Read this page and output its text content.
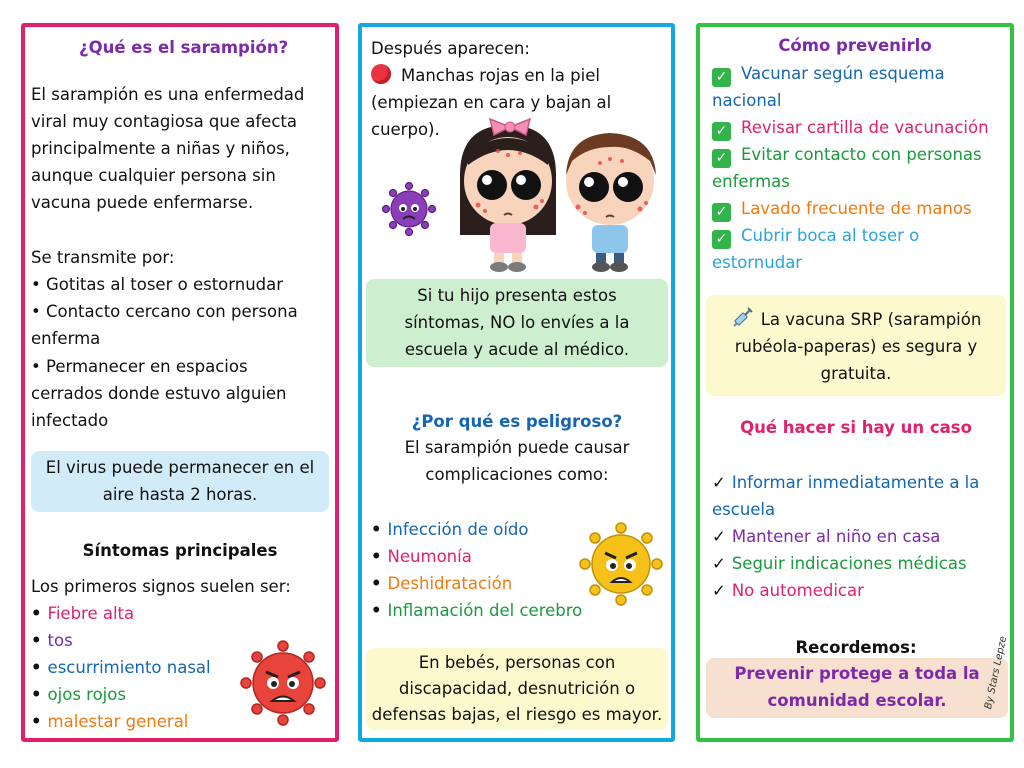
¿Qué es el sarampión?
El sarampión es una enfermedad
viral muy contagiosa que afecta
principalmente a niñas y niños,
aunque cualquier persona sin
vacuna puede enfermarse.
Se transmite por:
• Gotitas al toser o estornudar
• Contacto cercano con persona
enferma
• Permanecer en espacios
cerrados donde estuvo alguien
infectado
El virus puede permanecer en el
aire hasta 2 horas.
Síntomas principales
Los primeros signos suelen ser:
• Fiebre alta
• tos
• escurrimiento nasal
• ojos rojos
• malestar general
Después aparecen:
Manchas rojas en la piel
(empiezan en cara y bajan al
cuerpo).
Si tu hijo presenta estos
síntomas, NO lo envíes a la
escuela y acude al médico.
¿Por qué es peligroso?
El sarampión puede causar
complicaciones como:
• Infección de oído
• Neumonía
• Deshidratación
• Inflamación del cerebro
En bebés, personas con
discapacidad, desnutrición o
defensas bajas, el riesgo es mayor.
Cómo prevenirlo
✓ Vacunar según esquema
nacional
✓ Revisar cartilla de vacunación
✓ Evitar contacto con personas
enfermas
✓ Lavado frecuente de manos
✓ Cubrir boca al toser o
estornudar
La vacuna SRP (sarampión
rubéola-paperas) es segura y
gratuita.
Qué hacer si hay un caso
✓ Informar inmediatamente a la
escuela
✓ Mantener al niño en casa
✓ Seguir indicaciones médicas
✓ No automedicar
Recordemos:
Prevenir protege a toda la
comunidad escolar.	By Stars Lepze
